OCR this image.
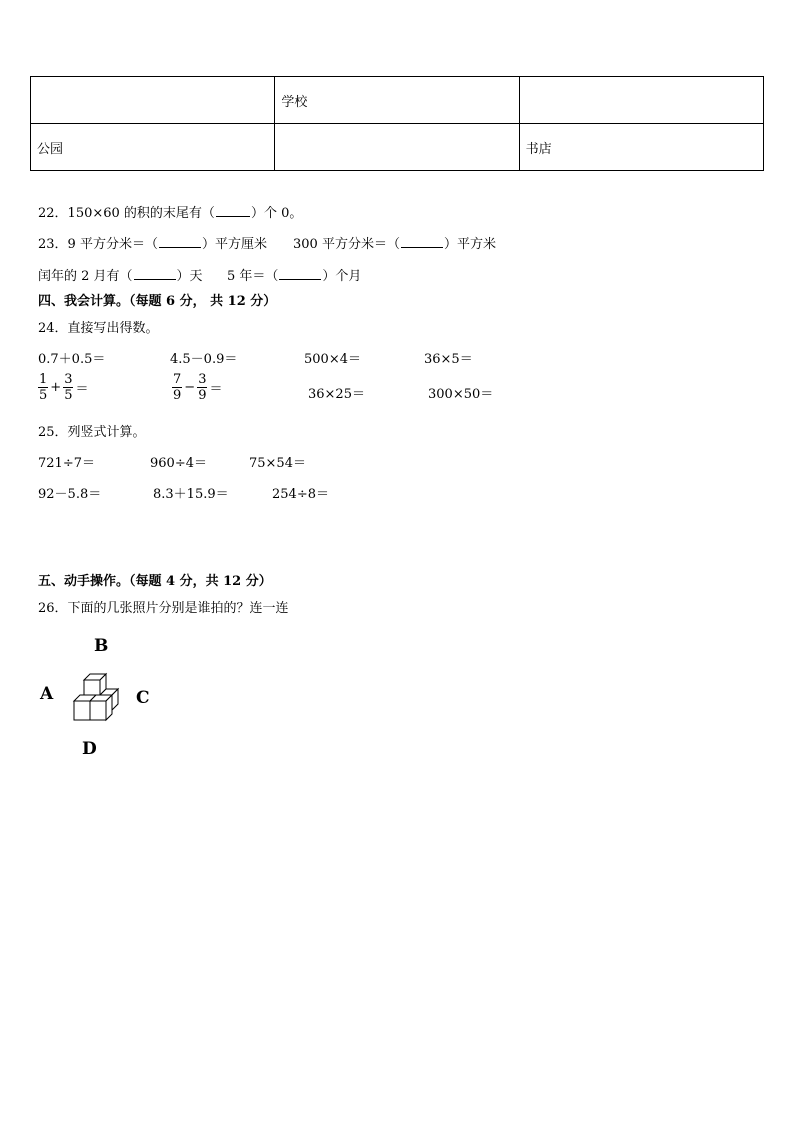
	学校	
公园		书店
22．150×60 的积的末尾有（	）个 0。
23．9 平方分米＝（	）平方厘米 300 平方分米＝（	）平方米
闰年的 2 月有（	）天 5 年＝（	）个月
四、我会计算。（每题 6 分， 共 12 分）
24．直接写出得数。
0.7＋0.5＝	4.5－0.9＝	500×4＝	36×5＝
$\frac{1}{5} + \frac{3}{5}$ ＝	$\frac{7}{9} - \frac{3}{9}$ ＝	36×25＝	300×50＝
25．列竖式计算。
721÷7＝	960÷4＝	75×54＝
92－5.8＝	8.3＋15.9＝	254÷8＝
五、动手操作。（每题 4 分，共 12 分）
26．下面的几张照片分别是谁拍的？连一连
B
A	C
D
